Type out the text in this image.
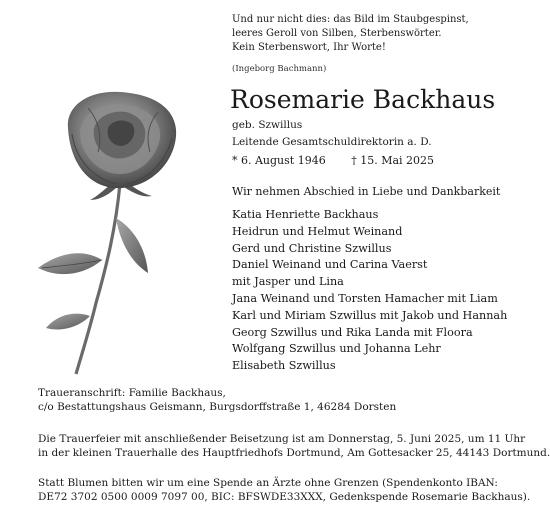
Und nur nicht dies: das Bild im Staubgespinst,
leeres Geroll von Silben, Sterbenswörter.
Kein Sterbenswort, Ihr Worte!
(Ingeborg Bachmann)
Rosemarie Backhaus
geb. Szwillus
Leitende Gesamtschuldirektorin a. D.
* 6. August 1946 † 15. Mai 2025
Wir nehmen Abschied in Liebe und Dankbarkeit
Katia Henriette Backhaus
Heidrun und Helmut Weinand
Gerd und Christine Szwillus
Daniel Weinand und Carina Vaerst
mit Jasper und Lina
Jana Weinand und Torsten Hamacher mit Liam
Karl und Miriam Szwillus mit Jakob und Hannah
Georg Szwillus und Rika Landa mit Floora
Wolfgang Szwillus und Johanna Lehr
Elisabeth Szwillus
Traueranschrift: Familie Backhaus,
c/o Bestattungshaus Geismann, Burgsdorffstraße 1, 46284 Dorsten
Die Trauerfeier mit anschließender Beisetzung ist am Donnerstag, 5. Juni 2025, um 11 Uhr
in der kleinen Trauerhalle des Hauptfriedhofs Dortmund, Am Gottesacker 25, 44143 Dortmund.
Statt Blumen bitten wir um eine Spende an Ärzte ohne Grenzen (Spendenkonto IBAN:
DE72 3702 0500 0009 7097 00, BIC: BFSWDE33XXX, Gedenkspende Rosemarie Backhaus).
